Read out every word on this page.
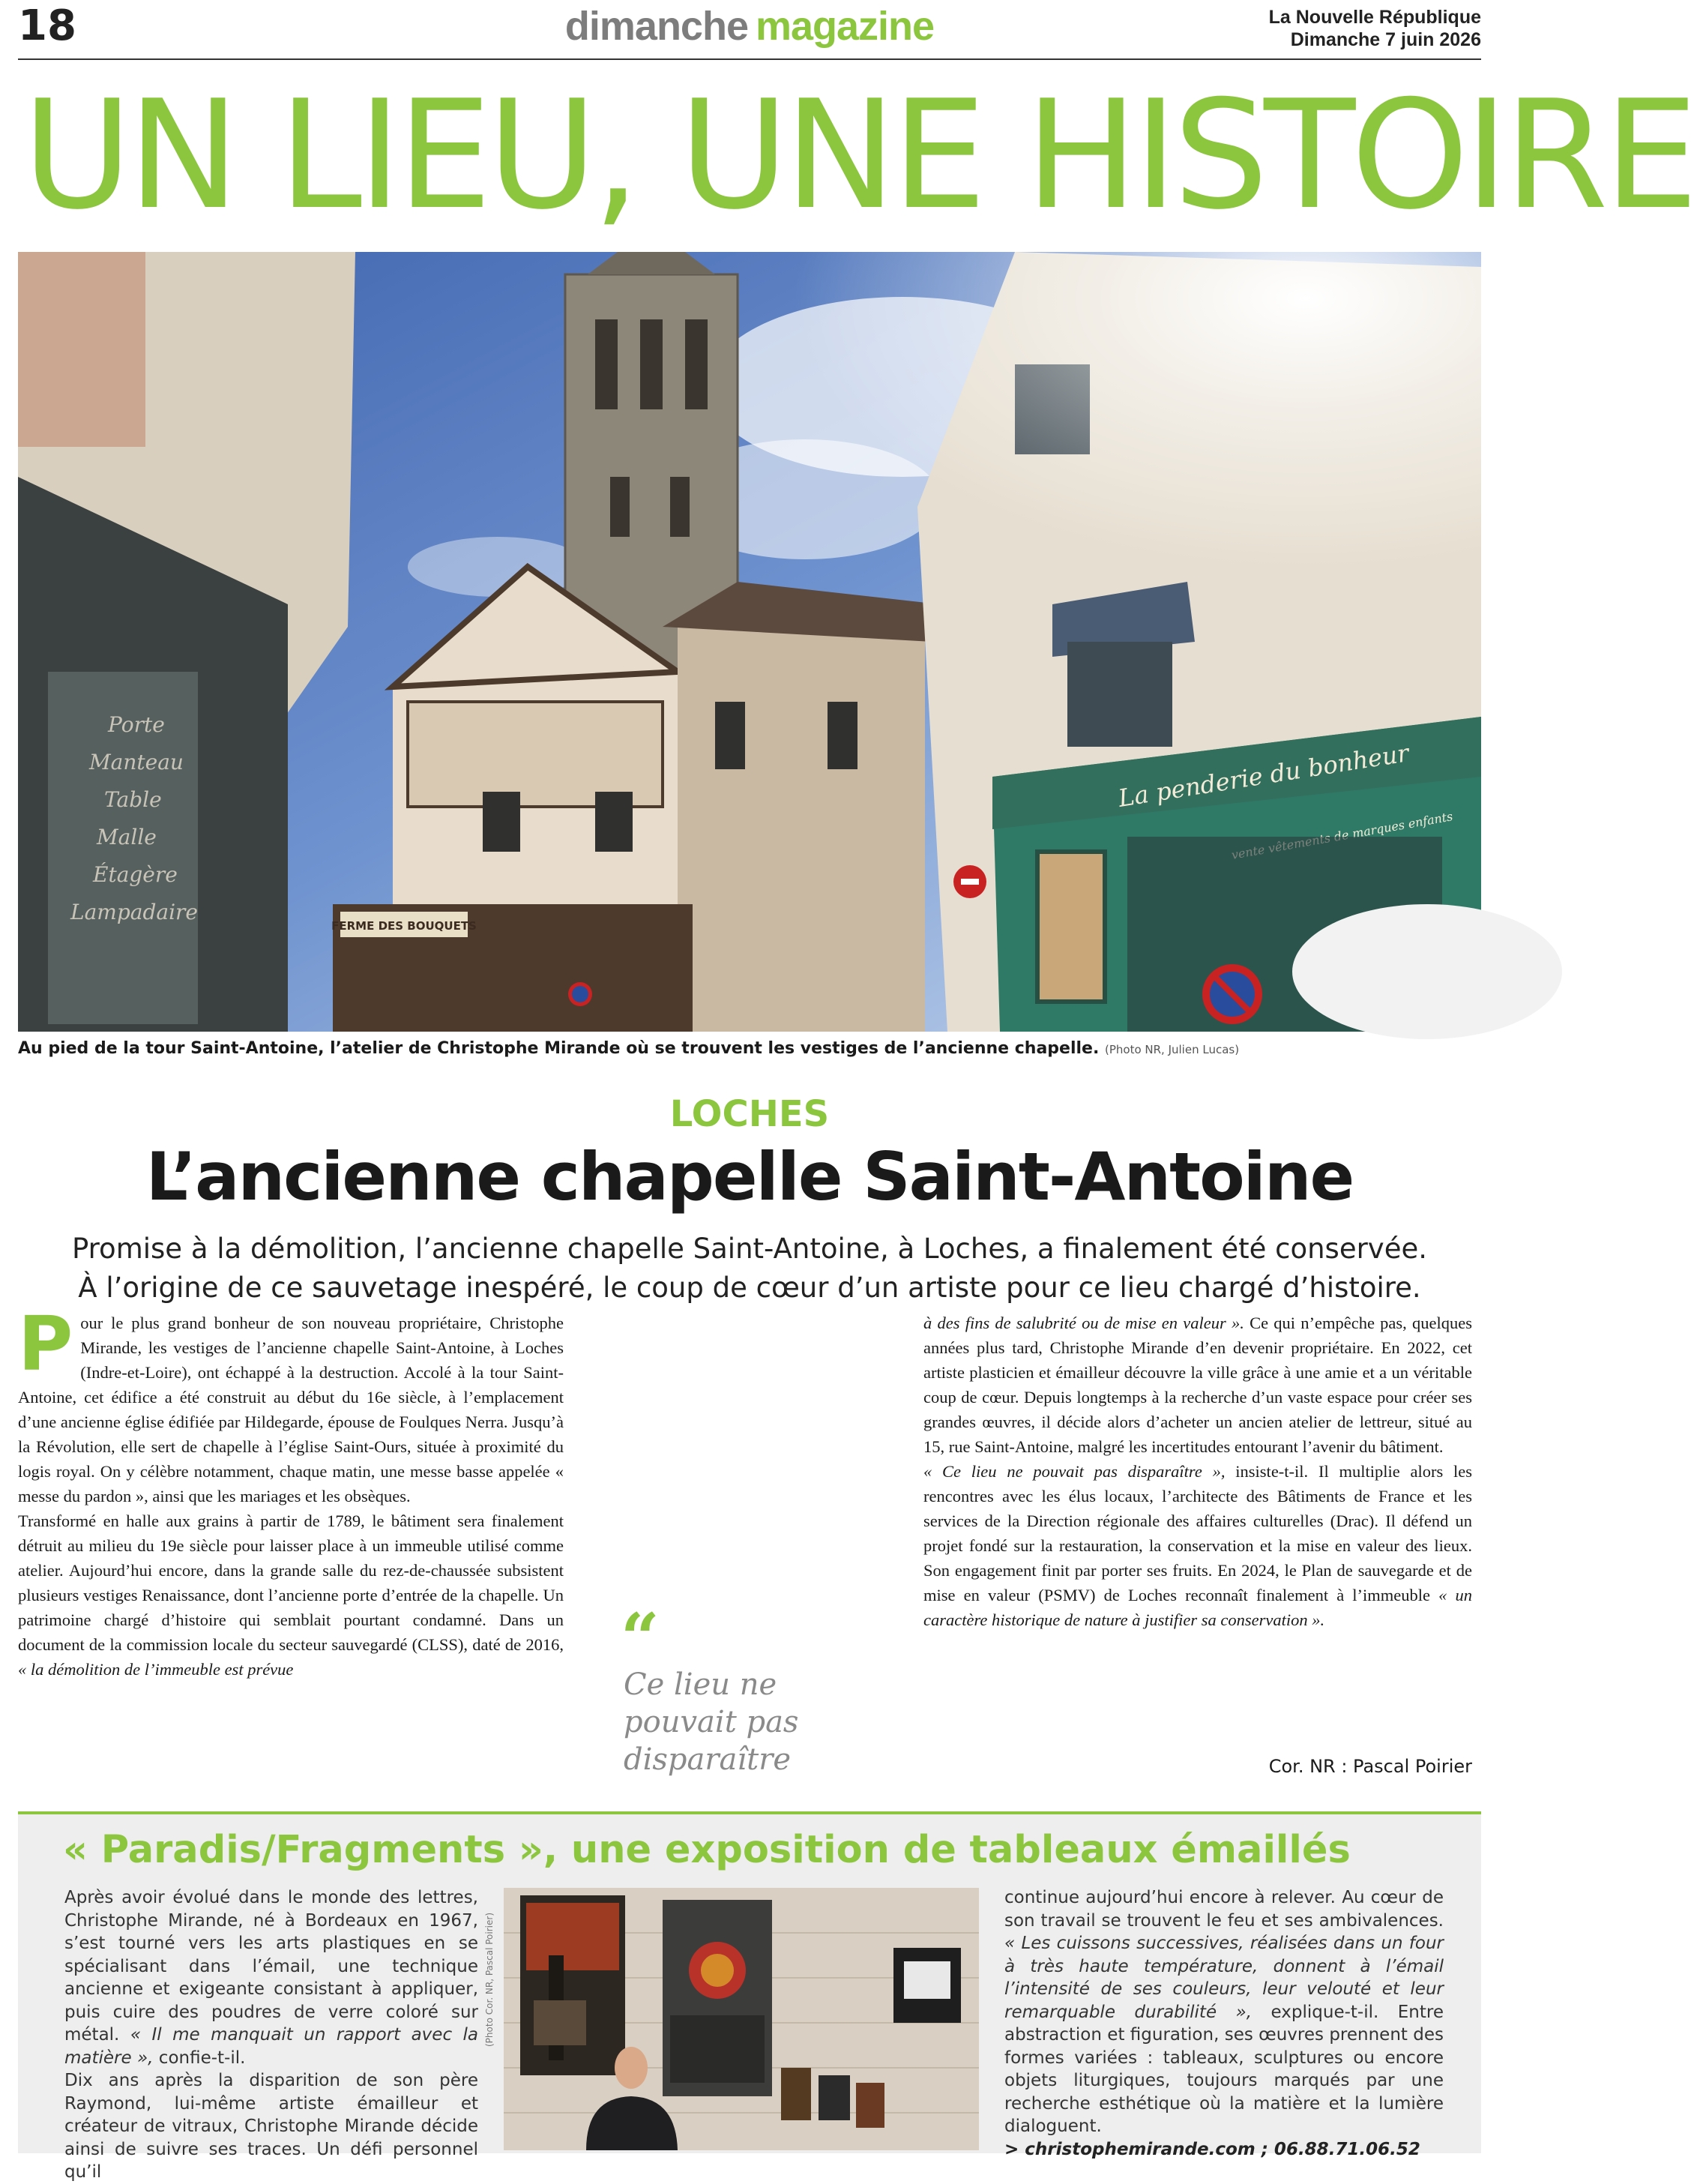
18	dimanche magazine	La Nouvelle République
Dimanche 7 juin 2026
UN LIEU, UNE HISTOIRE
Au pied de la tour Saint-Antoine, l’atelier de Christophe Mirande où se trouvent les vestiges de l’ancienne chapelle. (Photo NR, Julien Lucas)
LOCHES
L’ancienne chapelle Saint-Antoine
Promise à la démolition, l’ancienne chapelle Saint-Antoine, à Loches, a finalement été conservée.
À l’origine de ce sauvetage inespéré, le coup de cœur d’un artiste pour ce lieu chargé d’histoire.

Pour le plus grand bonheur de son nouveau propriétaire, Christophe Mirande, les vestiges de l’ancienne chapelle Saint-Antoine, à Loches (Indre-et-Loire), ont échappé à la destruction. Accolé à la tour Saint-Antoine, cet édifice a été construit au début du 16e siècle, à l’emplacement d’une ancienne église édifiée par Hildegarde, épouse de Foulques Nerra. Jusqu’à la Révolution, elle sert de chapelle à l’église Saint-Ours, située à proximité du logis royal. On y célèbre notamment, chaque matin, une messe basse appelée « messe du pardon », ainsi que les mariages et les obsèques.

Transformé en halle aux grains à partir de 1789, le bâtiment sera finalement détruit au milieu du 19e siècle pour laisser place à un immeuble utilisé comme atelier. Aujourd’hui encore, dans la grande salle du rez-de-chaussée subsistent plusieurs vestiges Renaissance, dont l’ancienne porte d’entrée de la chapelle. Un patrimoine chargé d’histoire qui semblait pourtant condamné. Dans un document de la commission locale du secteur sauvegardé (CLSS), daté de 2016, « la démolition de l’immeuble est prévue	“
Ce lieu ne pouvait pas disparaître

à des fins de salubrité ou de mise en valeur ». Ce qui n’empêche pas, quelques années plus tard, Christophe Mirande d’en devenir propriétaire. En 2022, cet artiste plasticien et émailleur découvre la ville grâce à une amie et a un véritable coup de cœur. Depuis longtemps à la recherche d’un vaste espace pour créer ses grandes œuvres, il décide alors d’acheter un ancien atelier de lettreur, situé au 15, rue Saint-Antoine, malgré les incertitudes entourant l’avenir du bâtiment.

« Ce lieu ne pouvait pas disparaître », insiste-t-il. Il multiplie alors les rencontres avec les élus locaux, l’architecte des Bâtiments de France et les services de la Direction régionale des affaires culturelles (Drac). Il défend un projet fondé sur la restauration, la conservation et la mise en valeur des lieux. Son engagement finit par porter ses fruits. En 2024, le Plan de sauvegarde et de mise en valeur (PSMV) de Loches reconnaît finalement à l’immeuble « un caractère historique de nature à justifier sa conservation ».

Cor. NR : Pascal Poirier
« Paradis/Fragments », une exposition de tableaux émaillés
Après avoir évolué dans le monde des lettres, Christophe Mirande, né à Bordeaux en 1967, s’est tourné vers les arts plastiques en se spécialisant dans l’émail, une technique ancienne et exigeante consistant à appliquer, puis cuire des poudres de verre coloré sur métal. « Il me manquait un rapport avec la matière », confie-t-il.
Dix ans après la disparition de son père Raymond, lui-même artiste émailleur et créateur de vitraux, Christophe Mirande décide ainsi de suivre ses traces. Un défi personnel qu’il
(Photo Cor. NR, Pascal Poirier)
continue aujourd’hui encore à relever. Au cœur de son travail se trouvent le feu et ses ambivalences. « Les cuissons successives, réalisées dans un four à très haute température, donnent à l’émail l’intensité de ses couleurs, leur velouté et leur remarquable durabilité », explique-t-il. Entre abstraction et figuration, ses œuvres prennent des formes variées : tableaux, sculptures ou encore objets liturgiques, toujours marqués par une recherche esthétique où la matière et la lumière dialoguent.
> christophemirande.com ; 06.88.71.06.52
